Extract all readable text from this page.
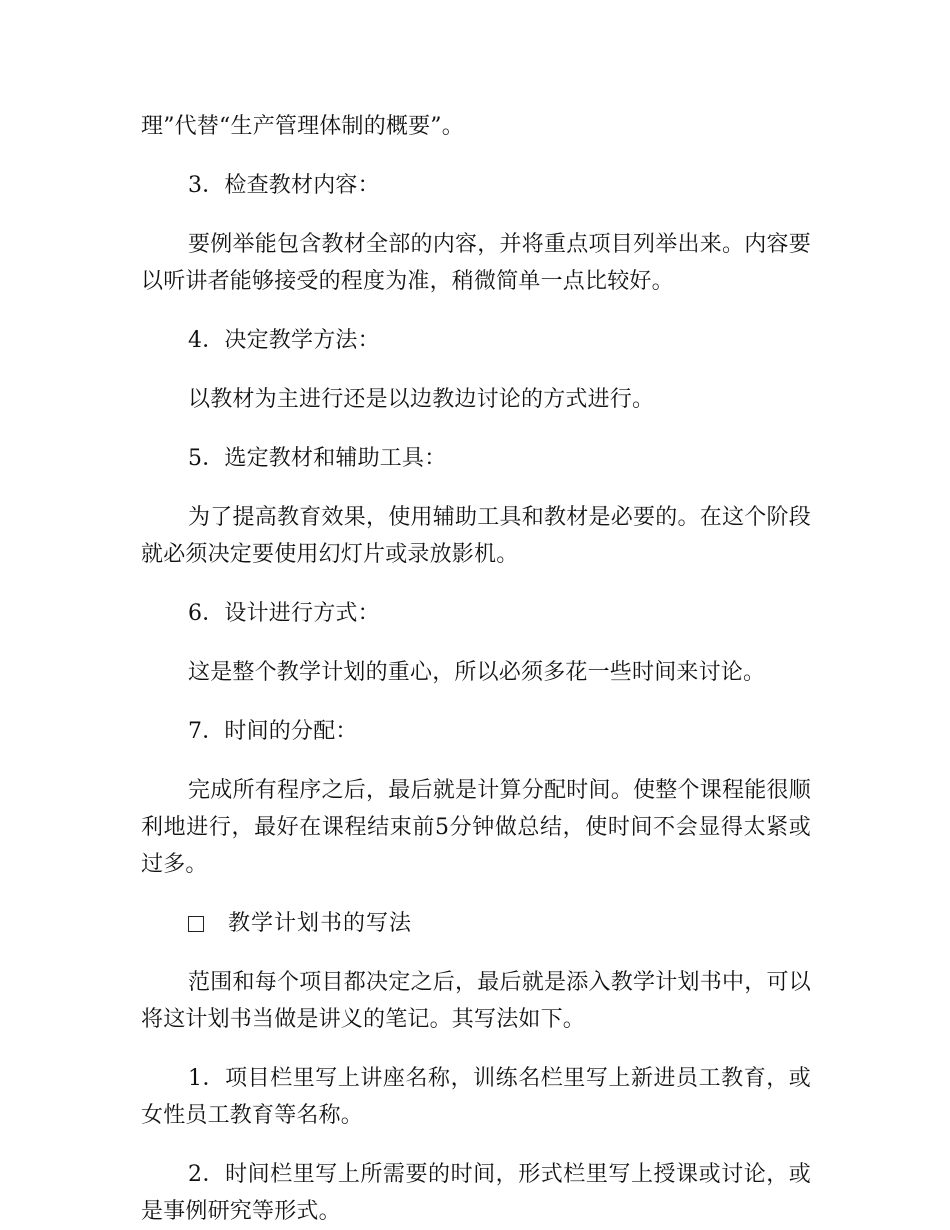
理”代替“生产管理体制的概要”。

3．检查教材内容：

要例举能包含教材全部的内容，并将重点项目列举出来。内容要以听讲者能够接受的程度为准，稍微简单一点比较好。

4．决定教学方法：

以教材为主进行还是以边教边讨论的方式进行。

5．选定教材和辅助工具：

为了提高教育效果，使用辅助工具和教材是必要的。在这个阶段就必须决定要使用幻灯片或录放影机。

6．设计进行方式：

这是整个教学计划的重心，所以必须多花一些时间来讨论。

7．时间的分配：

完成所有程序之后，最后就是计算分配时间。使整个课程能很顺利地进行，最好在课程结束前5分钟做总结，使时间不会显得太紧或过多。

教学计划书的写法

范围和每个项目都决定之后，最后就是添入教学计划书中，可以将这计划书当做是讲义的笔记。其写法如下。

1．项目栏里写上讲座名称，训练名栏里写上新进员工教育，或女性员工教育等名称。

2．时间栏里写上所需要的时间，形式栏里写上授课或讨论，或是事例研究等形式。
